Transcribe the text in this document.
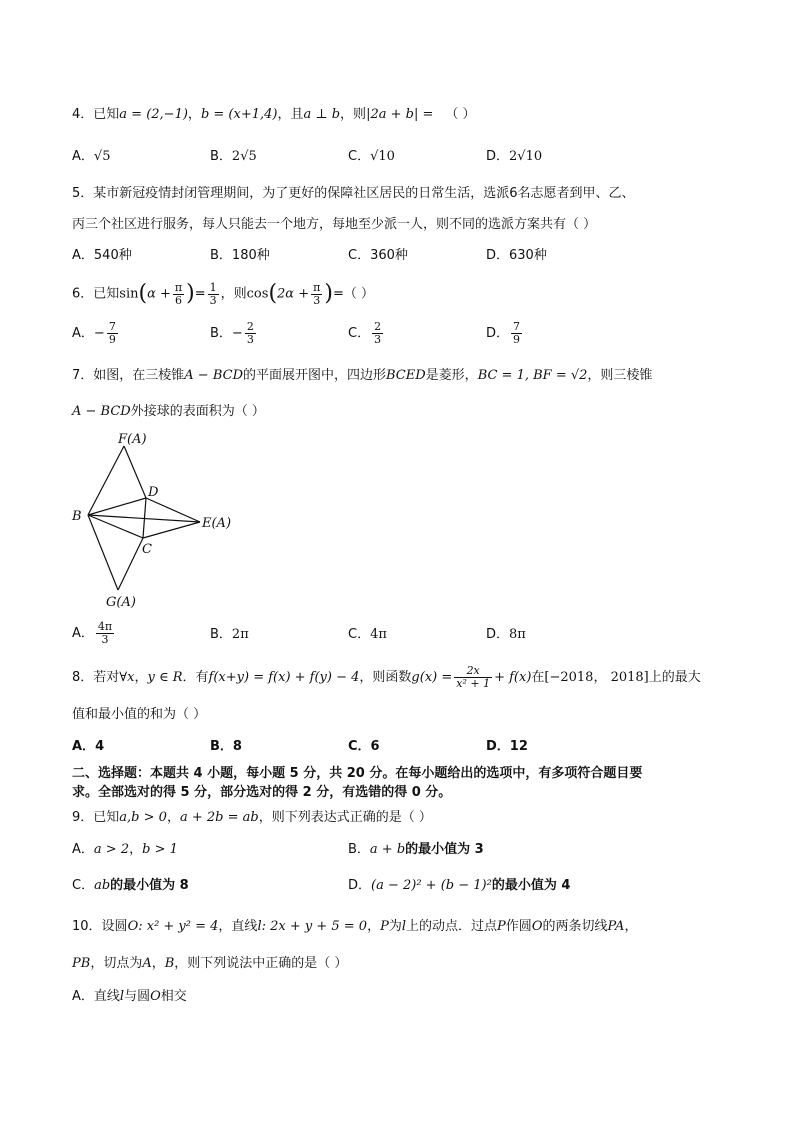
4．已知a = (2,−1)，b = (x+1,4)，且a ⊥ b，则|2a + b| = （ ）
A．√5	B．2√5	C．√10	D．2√10
5．某市新冠疫情封闭管理期间，为了更好的保障社区居民的日常生活，选派6名志愿者到甲、乙、
丙三个社区进行服务，每人只能去一个地方，每地至少派一人，则不同的选派方案共有（ ）
A．540种	B．180种	C．360种	D．630种
6．已知$\sin(\alpha + \frac{\pi}{6}$ )= $\frac{1}{3}$ ，则$\cos(2\alpha + \frac{\pi}{3}$ )=（ ）
A．− $\frac{7}{9}$	B．− $\frac{2}{3}$	C． $\frac{2}{3}$	D． $\frac{7}{9}$
7．如图，在三棱锥A − BCD的平面展开图中，四边形BCED是菱形，BC = 1, BF = √2，则三棱锥
A − BCD外接球的表面积为（ ）
F(A)
D
B	E(A)
C
G(A)
A． $\frac{4\pi}{3}$	B．2π	C．4π	D．8π
8．若对∀x，y ∈ R．有f(x+y) = f(x) + f(y) − 4，则函数$g(x) = \frac{2x}{\text{x² + 1}} + f(x)$在[−2018， 2018]上的最大
值和最小值的和为（ ）
A．4	B．8	C．6	D．12
二、选择题：本题共 4 小题，每小题 5 分，共 20 分。在每小题给出的选项中，有多项符合题目要
求。全部选对的得 5 分，部分选对的得 2 分，有选错的得 0 分。
9．已知a,b > 0，a + 2b = ab，则下列表达式正确的是（ ）
A．a > 2，b > 1	B．a + b的最小值为 3
C．ab的最小值为 8	D．(a − 2)² + (b − 1)²的最小值为 4
10．设圆O: x² + y² = 4，直线l: 2x + y + 5 = 0，P为l上的动点．过点P作圆O的两条切线PA，
PB，切点为A，B，则下列说法中正确的是（ ）
A．直线l与圆O相交
